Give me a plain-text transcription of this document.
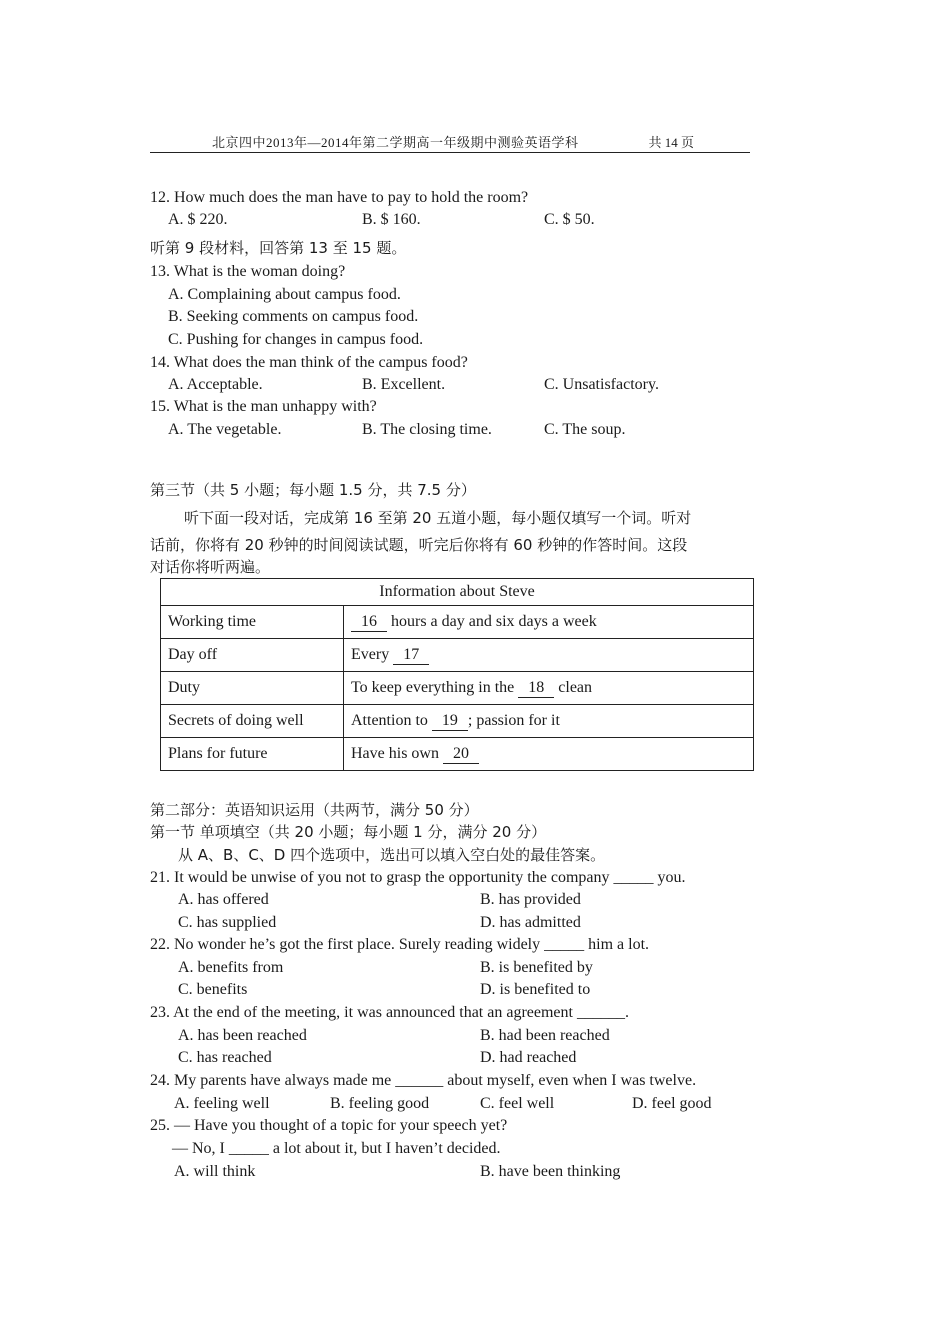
北京四中2013年—2014年第二学期高一年级期中测验英语学科	共 14 页
12. How much does the man have to pay to hold the room?
A. $ 220.	B. $ 160.	C. $ 50.
听第 9 段材料，回答第 13 至 15 题。
13. What is the woman doing?
A. Complaining about campus food.
B. Seeking comments on campus food.
C. Pushing for changes in campus food.
14. What does the man think of the campus food?
A. Acceptable.	B. Excellent.	C. Unsatisfactory.
15. What is the man unhappy with?
A. The vegetable.	B. The closing time.	C. The soup.
第三节（共 5 小题；每小题 1.5 分，共 7.5 分）
听下面一段对话，完成第 16 至第 20 五道小题，每小题仅填写一个词。听对
话前，你将有 20 秒钟的时间阅读试题，听完后你将有 60 秒钟的作答时间。这段
对话你将听两遍。
Information about Steve	
Working time	16 hours a day and six days a week
Day off	Every 17
Duty	To keep everything in the 18 clean
Secrets of doing well	Attention to 19 ; passion for it
Plans for future	Have his own 20
第二部分：英语知识运用（共两节，满分 50 分）
第一节 单项填空（共 20 小题；每小题 1 分，满分 20 分）
从 A、B、C、D 四个选项中，选出可以填入空白处的最佳答案。
21. It would be unwise of you not to grasp the opportunity the company _____ you.
A. has offered	B. has provided
C. has supplied	D. has admitted
22. No wonder he’s got the first place. Surely reading widely _____ him a lot.
A. benefits from	B. is benefited by
C. benefits	D. is benefited to
23. At the end of the meeting, it was announced that an agreement ______.
A. has been reached	B. had been reached
C. has reached	D. had reached
24. My parents have always made me ______ about myself, even when I was twelve.
A. feeling well	B. feeling good	C. feel well	D. feel good
25. — Have you thought of a topic for your speech yet?
— No, I _____ a lot about it, but I haven’t decided.
A. will think	B. have been thinking
